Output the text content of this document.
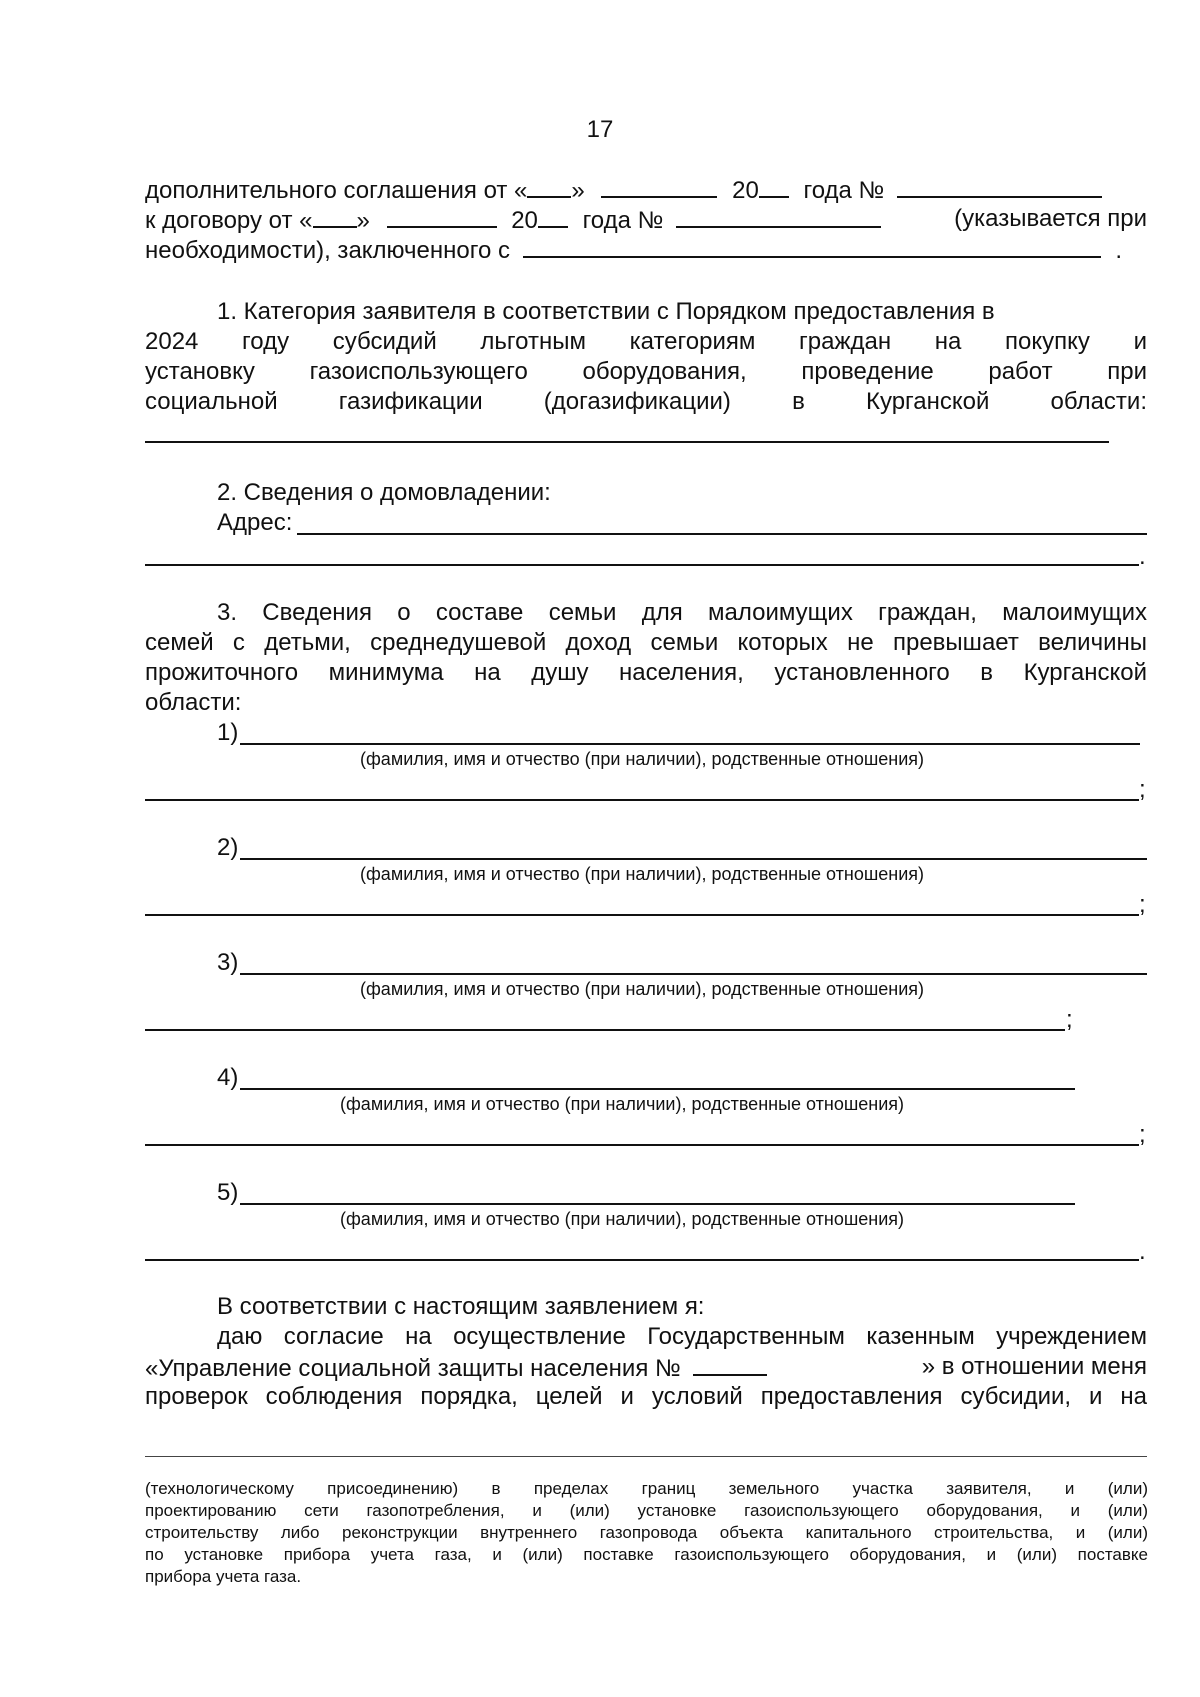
17
дополнительного соглашения от « »	20 года №
к договору от « »	20 года №	(указывается при
необходимости), заключенного с	.
1. Категория заявителя в соответствии с Порядком предоставления в
2024 году субсидий льготным категориям граждан на покупку и
установку газоиспользующего оборудования, проведение работ при
социальной газификации (догазификации) в Курганской области:
2. Сведения о домовладении:
Адрес:
.
3. Сведения о составе семьи для малоимущих граждан, малоимущих
семей с детьми, среднедушевой доход семьи которых не превышает величины
прожиточного минимума на душу населения, установленного в Курганской
области:
1)
(фамилия, имя и отчество (при наличии), родственные отношения)
;
2)
(фамилия, имя и отчество (при наличии), родственные отношения)
;
3)
(фамилия, имя и отчество (при наличии), родственные отношения)
;
4)
(фамилия, имя и отчество (при наличии), родственные отношения)
;
5)
(фамилия, имя и отчество (при наличии), родственные отношения)
.
В соответствии с настоящим заявлением я:
даю согласие на осуществление Государственным казенным учреждением
«Управление социальной защиты населения №	» в отношении меня
проверок соблюдения порядка, целей и условий предоставления субсидии, и на
(технологическому присоединению) в пределах границ земельного участка заявителя, и (или)
проектированию сети газопотребления, и (или) установке газоиспользующего оборудования, и (или)
строительству либо реконструкции внутреннего газопровода объекта капитального строительства, и (или)
по установке прибора учета газа, и (или) поставке газоиспользующего оборудования, и (или) поставке
прибора учета газа.
